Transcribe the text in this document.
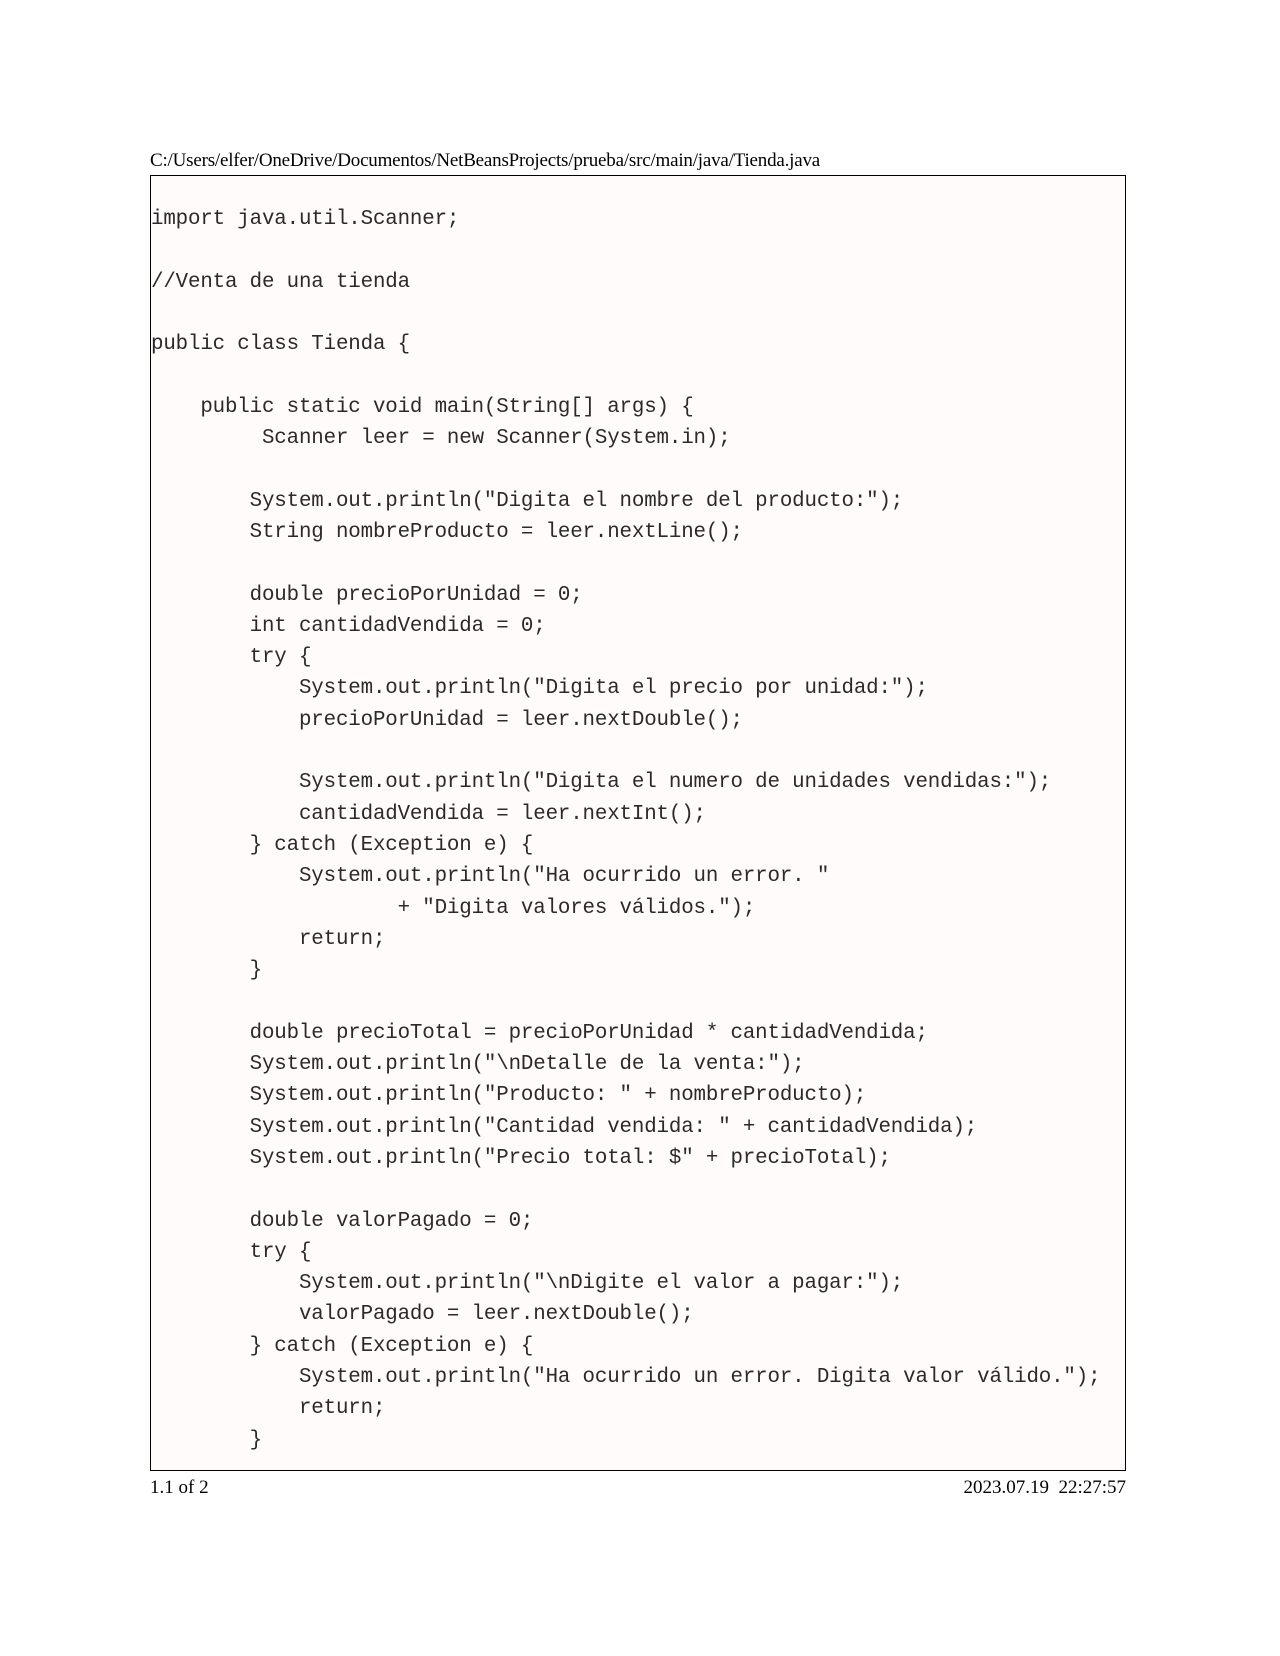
C:/Users/elfer/OneDrive/Documentos/NetBeansProjects/prueba/src/main/java/Tienda.java
import java.util.Scanner;
//Venta de una tienda
public class Tienda {
public static void main(String[] args) {
Scanner leer = new Scanner(System.in);
System.out.println("Digita el nombre del producto:");
String nombreProducto = leer.nextLine();
double precioPorUnidad = 0;
int cantidadVendida = 0;
try {
System.out.println("Digita el precio por unidad:");
precioPorUnidad = leer.nextDouble();
System.out.println("Digita el numero de unidades vendidas:");
cantidadVendida = leer.nextInt();
} catch (Exception e) {
System.out.println("Ha ocurrido un error. "
+ "Digita valores válidos.");
return;
}
double precioTotal = precioPorUnidad * cantidadVendida;
System.out.println("\nDetalle de la venta:");
System.out.println("Producto: " + nombreProducto);
System.out.println("Cantidad vendida: " + cantidadVendida);
System.out.println("Precio total: $" + precioTotal);
double valorPagado = 0;
try {
System.out.println("\nDigite el valor a pagar:");
valorPagado = leer.nextDouble();
} catch (Exception e) {
System.out.println("Ha ocurrido un error. Digita valor válido.");
return;
}
1.1 of 2	2023.07.19  22:27:57
